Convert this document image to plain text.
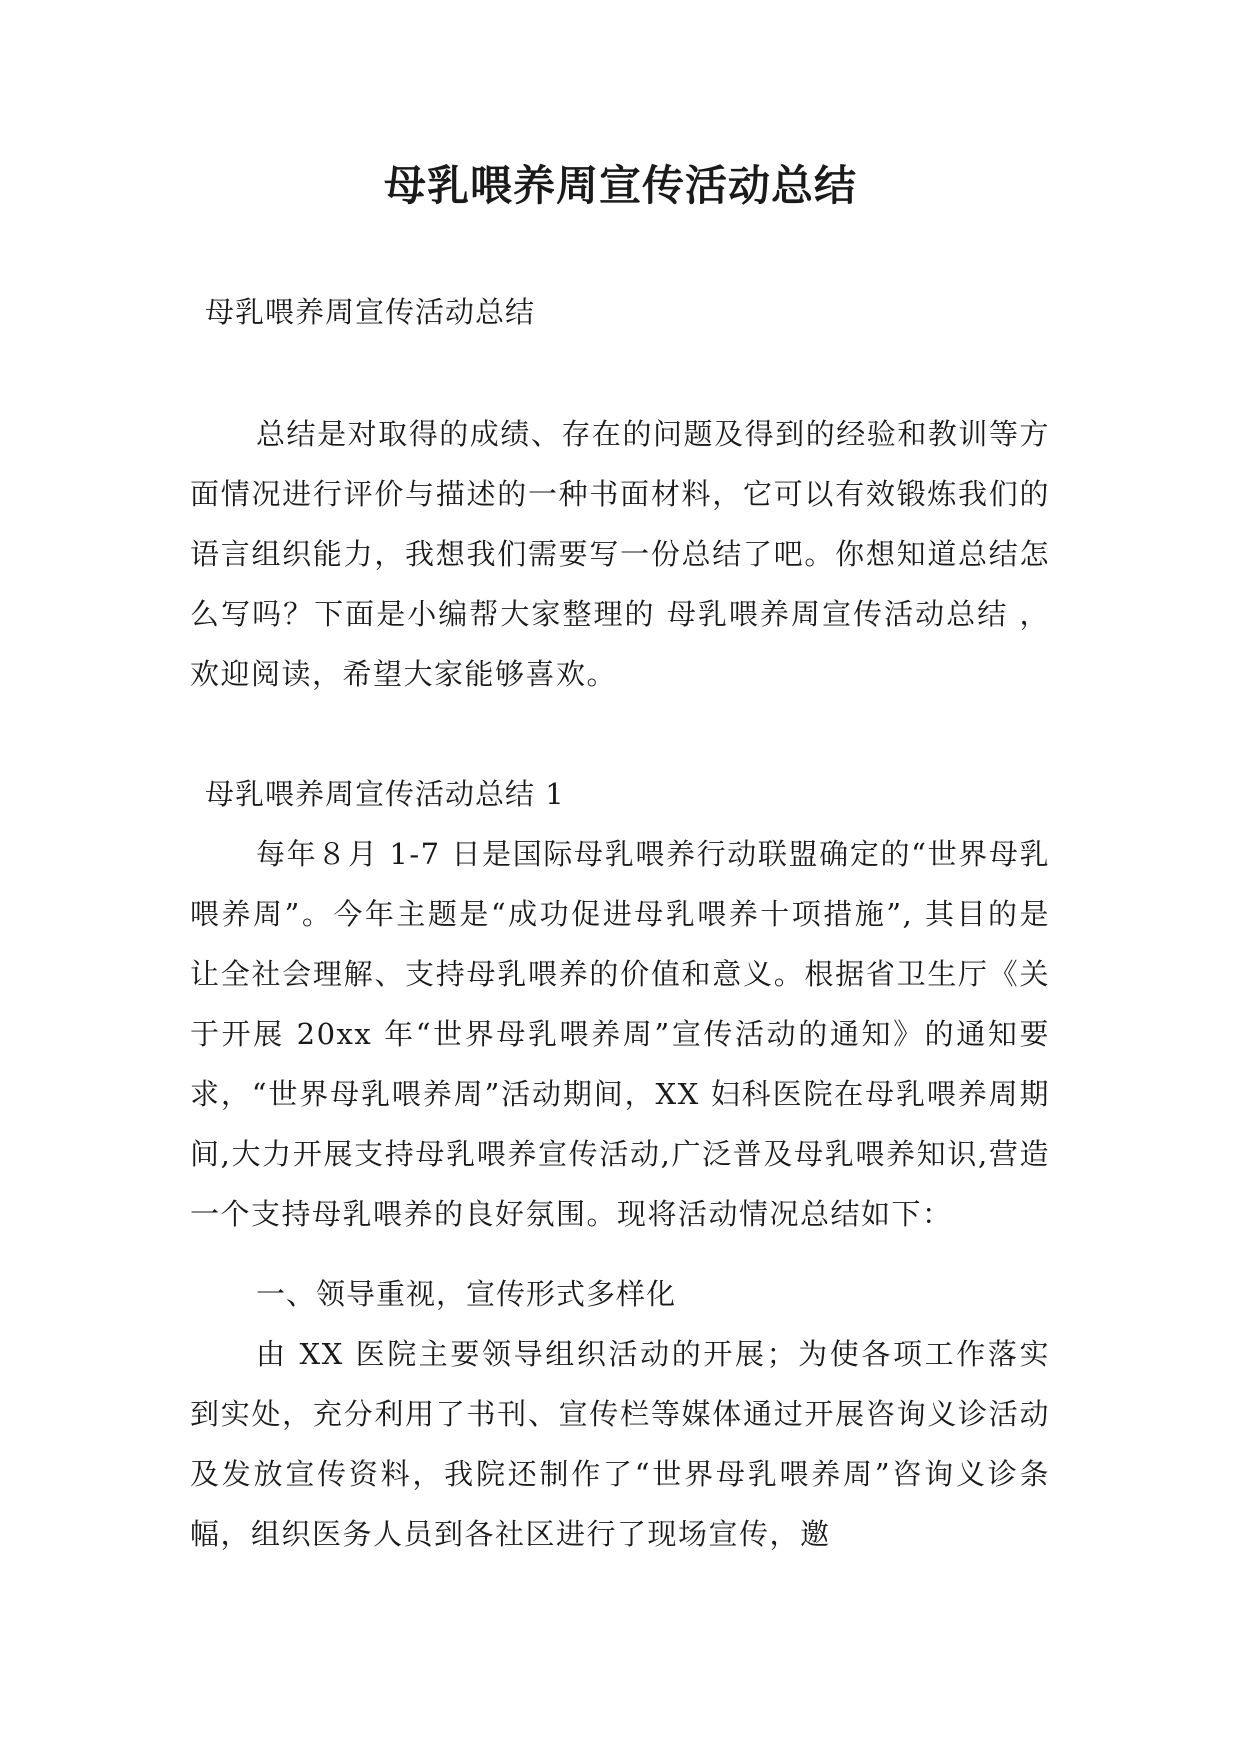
母乳喂养周宣传活动总结

母乳喂养周宣传活动总结

总结是对取得的成绩、存在的问题及得到的经验和教训等方面情况进行评价与描述的一种书面材料，它可以有效锻炼我们的语言组织能力，我想我们需要写一份总结了吧。你想知道总结怎么写吗？下面是小编帮大家整理的 母乳喂养周宣传活动总结 ，欢迎阅读，希望大家能够喜欢。

母乳喂养周宣传活动总结 1

每年８月 1-7 日是国际母乳喂养行动联盟确定的“世界母乳喂养周”。今年主题是“成功促进母乳喂养十项措施”, 其目的是让全社会理解、支持母乳喂养的价值和意义。根据省卫生厅《关于开展 20xx 年“世界母乳喂养周”宣传活动的通知》的通知要求，“世界母乳喂养周”活动期间，XX 妇科医院在母乳喂养周期间,大力开展支持母乳喂养宣传活动,广泛普及母乳喂养知识,营造一个支持母乳喂养的良好氛围。现将活动情况总结如下：

一、领导重视，宣传形式多样化

由 XX 医院主要领导组织活动的开展；为使各项工作落实到实处，充分利用了书刊、宣传栏等媒体通过开展咨询义诊活动及发放宣传资料，我院还制作了“世界母乳喂养周”咨询义诊条幅，组织医务人员到各社区进行了现场宣传，邀
